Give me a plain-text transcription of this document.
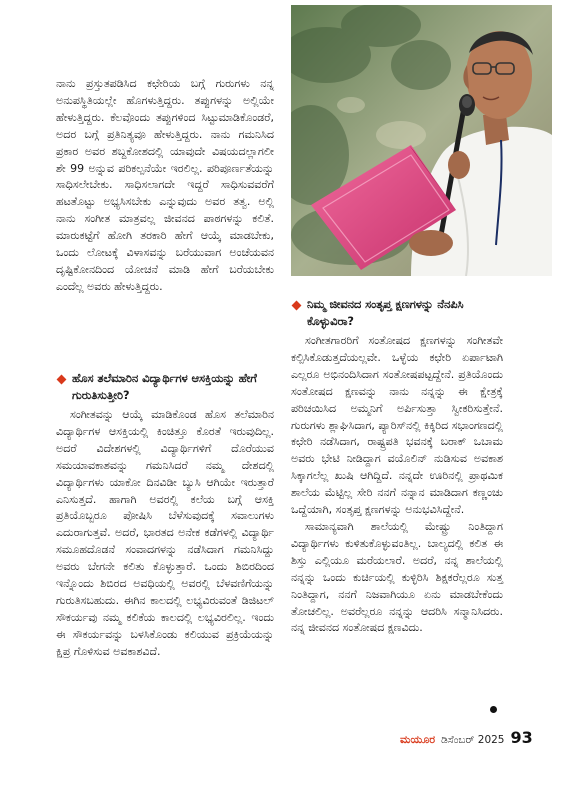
ನಾನು ಪ್ರಸ್ತುತಪಡಿಸಿದ ಕಛೇರಿಯ ಬಗ್ಗೆ ಗುರುಗಳು ನನ್ನ ಅನುಪಸ್ಥಿತಿಯಲ್ಲೇ ಹೊಗಳುತ್ತಿದ್ದರು. ತಪ್ಪುಗಳನ್ನು ಅಲ್ಲಿಯೇ ಹೇಳುತ್ತಿದ್ದರು. ಕೆಲವೊಂದು ತಪ್ಪುಗಳಿಂದ ಸಿಟ್ಟುಮಾಡಿಕೊಂಡರೆ, ಅದರ ಬಗ್ಗೆ ಪ್ರತಿನಿತ್ಯವೂ ಹೇಳುತ್ತಿದ್ದರು. ನಾನು ಗಮನಿಸಿದ ಪ್ರಕಾರ ಅವರ ಶಬ್ದಕೋಶದಲ್ಲಿ ಯಾವುದೇ ವಿಷಯದಲ್ಲಾಗಲೀ ಶೇ 99 ಅನ್ನುವ ಪರಿಕಲ್ಪನೆಯೇ ಇರಲಿಲ್ಲ. ಪರಿಪೂರ್ಣತೆಯನ್ನು ಸಾಧಿಸಲೇಬೇಕು. ಸಾಧಿಸಲಾಗದೇ ಇದ್ದರೆ ಸಾಧಿಸುವವರೆಗೆ ಹಟತೊಟ್ಟು ಅಭ್ಯಸಿಸಬೇಕು ಎನ್ನುವುದು ಅವರ ತತ್ವ. ಅಲ್ಲಿ ನಾನು ಸಂಗೀತ ಮಾತ್ರವಲ್ಲ ಜೀವನದ ಪಾಠಗಳನ್ನು ಕಲಿತೆ. ಮಾರುಕಟ್ಟೆಗೆ ಹೋಗಿ ತರಕಾರಿ ಹೇಗೆ ಆಯ್ಕೆ ಮಾಡಬೇಕು, ಒಂದು ಲೋಟಕ್ಕೆ ವಿಳಾಸವನ್ನು ಬರೆಯುವಾಗ ಅಂಚೆಯವನ ದೃಷ್ಟಿಕೋನದಿಂದ ಯೋಚನೆ ಮಾಡಿ ಹೇಗೆ ಬರೆಯಬೇಕು ಎಂದೆಲ್ಲ ಅವರು ಹೇಳುತ್ತಿದ್ದರು.

ಹೊಸ ತಲೆಮಾರಿನ ವಿದ್ಯಾರ್ಥಿಗಳ ಆಸಕ್ತಿಯನ್ನು ಹೇಗೆ ಗುರುತಿಸುತ್ತೀರಿ?

ಸಂಗೀತವನ್ನು ಆಯ್ಕೆ ಮಾಡಿಕೊಂಡ ಹೊಸ ತಲೆಮಾರಿನ ವಿದ್ಯಾರ್ಥಿಗಳ ಆಸಕ್ತಿಯಲ್ಲಿ ಕಿಂಚಿತ್ತೂ ಕೊರತೆ ಇರುವುದಿಲ್ಲ. ಅದರೆ ವಿದೇಶಗಳಲ್ಲಿ ವಿದ್ಯಾರ್ಥಿಗಳಿಗೆ ದೊರೆಯುವ ಸಮಯಾವಕಾಶವನ್ನು ಗಮನಿಸಿದರೆ ನಮ್ಮ ದೇಶದಲ್ಲಿ ವಿದ್ಯಾರ್ಥಿಗಳು ಯಾಕೋ ದಿನವಿಡೀ ಬ್ಯುಸಿ ಆಗಿಯೇ ಇರುತ್ತಾರೆ ಎನಿಸುತ್ತದೆ. ಹಾಗಾಗಿ ಅವರಲ್ಲಿ ಕಲೆಯ ಬಗ್ಗೆ ಆಸಕ್ತಿ ಪ್ರತಿಯೊಬ್ಬರೂ ಪೋಷಿಸಿ ಬೆಳೆಸುವುದಕ್ಕೆ ಸವಾಲುಗಳು ಎದುರಾಗುತ್ತವೆ. ಅದರೆ, ಭಾರತದ ಅನೇಕ ಕಡೆಗಳಲ್ಲಿ ವಿದ್ಯಾರ್ಥಿ ಸಮೂಹದೊಡನೆ ಸಂವಾದಗಳನ್ನು ನಡೆಸಿದಾಗ ಗಮನಿಸಿದ್ದು ಅವರು ಬೇಗನೇ ಕಲಿತು ಕೊಳ್ಳುತ್ತಾರೆ. ಒಂದು ಶಿಬಿರದಿಂದ ಇನ್ನೊಂದು ಶಿಬಿರದ ಅವಧಿಯಲ್ಲಿ ಅವರಲ್ಲಿ ಬೆಳವಣಿಗೆಯನ್ನು ಗುರುತಿಸಬಹುದು. ಈಗಿನ ಕಾಲದಲ್ಲಿ ಲಭ್ಯವಿರುವಂತೆ ಡಿಜಿಟಲ್ ಸೌಕರ್ಯವು ನಮ್ಮ ಕಲಿಕೆಯ ಕಾಲದಲ್ಲಿ ಲಭ್ಯವಿರಲಿಲ್ಲ. ಇಂದು ಈ ಸೌಕರ್ಯವನ್ನು ಬಳಸಿಕೊಂಡು ಕಲಿಯುವ ಪ್ರಕ್ರಿಯೆಯನ್ನು ಕ್ಷಿಪ್ರ ಗೊಳಿಸುವ ಅವಕಾಶವಿದೆ.

ನಿಮ್ಮ ಜೀವನದ ಸಂತೃಪ್ತ ಕ್ಷಣಗಳನ್ನು ನೆನಪಿಸಿ ಕೊಳ್ಳುವಿರಾ?

ಸಂಗೀತಗಾರರಿಗೆ ಸಂತೋಷದ ಕ್ಷಣಗಳನ್ನು ಸಂಗೀತವೇ ಕಲ್ಪಿಸಿಕೊಡುತ್ತದೆಯಲ್ಲವೇ. ಒಳ್ಳೆಯ ಕಛೇರಿ ಏರ್ಪಾಟಾಗಿ ಎಲ್ಲರೂ ಅಭಿನಂದಿಸಿದಾಗ ಸಂತೋಷಪಟ್ಟದ್ದೇನೆ. ಪ್ರತಿಯೊಂದು ಸಂತೋಷದ ಕ್ಷಣವನ್ನು ನಾನು ನನ್ನನ್ನು ಈ ಕ್ಷೇತ್ರಕ್ಕೆ ಪರಿಚಯಿಸಿದ ಅಮ್ಮನಿಗೆ ಅರ್ಪಿಸುತ್ತಾ ಸ್ವೀಕರಿಸುತ್ತೇನೆ. ಗುರುಗಳು ಶ್ಲಾಘಿಸಿದಾಗ, ಪ್ಯಾರಿಸ್‌ನಲ್ಲಿ ಕಿಕ್ಕಿರಿದ ಸಭಾಂಗಣದಲ್ಲಿ ಕಛೇರಿ ನಡೆಸಿದಾಗ, ರಾಷ್ಟ್ರಪತಿ ಭವನಕ್ಕೆ ಬರಾಕ್ ಒಬಾಮ ಅವರು ಭೇಟಿ ನೀಡಿದ್ದಾಗ ವಯೊಲಿನ್ ನುಡಿಸುವ ಅವಕಾಶ ಸಿಕ್ಕಾಗಲೆಲ್ಲ ಖುಷಿ ಆಗಿದ್ದಿದೆ. ನನ್ನದೇ ಊರಿನಲ್ಲಿ ಪ್ರಾಥಮಿಕ ಶಾಲೆಯ ಮೆಟ್ಟಿಲ್ಲ ಸೇರಿ ನನಗೆ ನನ್ನಾನ ಮಾಡಿದಾಗ ಕಣ್ಣಂಚು ಒದ್ದೆಯಾಗಿ, ಸಂತೃಪ್ತ ಕ್ಷಣಗಳನ್ನು ಅನುಭವಿಸಿದ್ದೇನೆ.

ಸಾಮಾನ್ಯವಾಗಿ ಶಾಲೆಯಲ್ಲಿ ಮೇಷ್ಟ್ರು ನಿಂತಿದ್ದಾಗ ವಿದ್ಯಾರ್ಥಿಗಳು ಕುಳಿತುಕೊಳ್ಳುವಂತಿಲ್ಲ. ಬಾಲ್ಯದಲ್ಲಿ ಕಲಿತ ಈ ಶಿಸ್ತು ಎಲ್ಲಿಯೂ ಮರೆಯಲಾರೆ. ಅದರೆ, ನನ್ನ ಶಾಲೆಯಲ್ಲಿ ನನ್ನನ್ನು ಒಂದು ಕುರ್ಚಿಯಲ್ಲಿ ಕುಳ್ಳಿರಿಸಿ ಶಿಕ್ಷಕರೆಲ್ಲರೂ ಸುತ್ತ ನಿಂತಿದ್ದಾಗ, ನನಗೆ ನಿಜವಾಗಿಯೂ ಏನು ಮಾಡಬೇಕೆಂದು ತೋಚಲಿಲ್ಲ. ಅವರೆಲ್ಲರೂ ನನ್ನನ್ನು ಆದರಿಸಿ ಸನ್ಮಾನಿಸಿದರು. ನನ್ನ ಜೀವನದ ಸಂತೋಷದ ಕ್ಷಣವಿದು.

ಮಯೂರ ಡಿಸೆಂಬರ್ 2025 93
